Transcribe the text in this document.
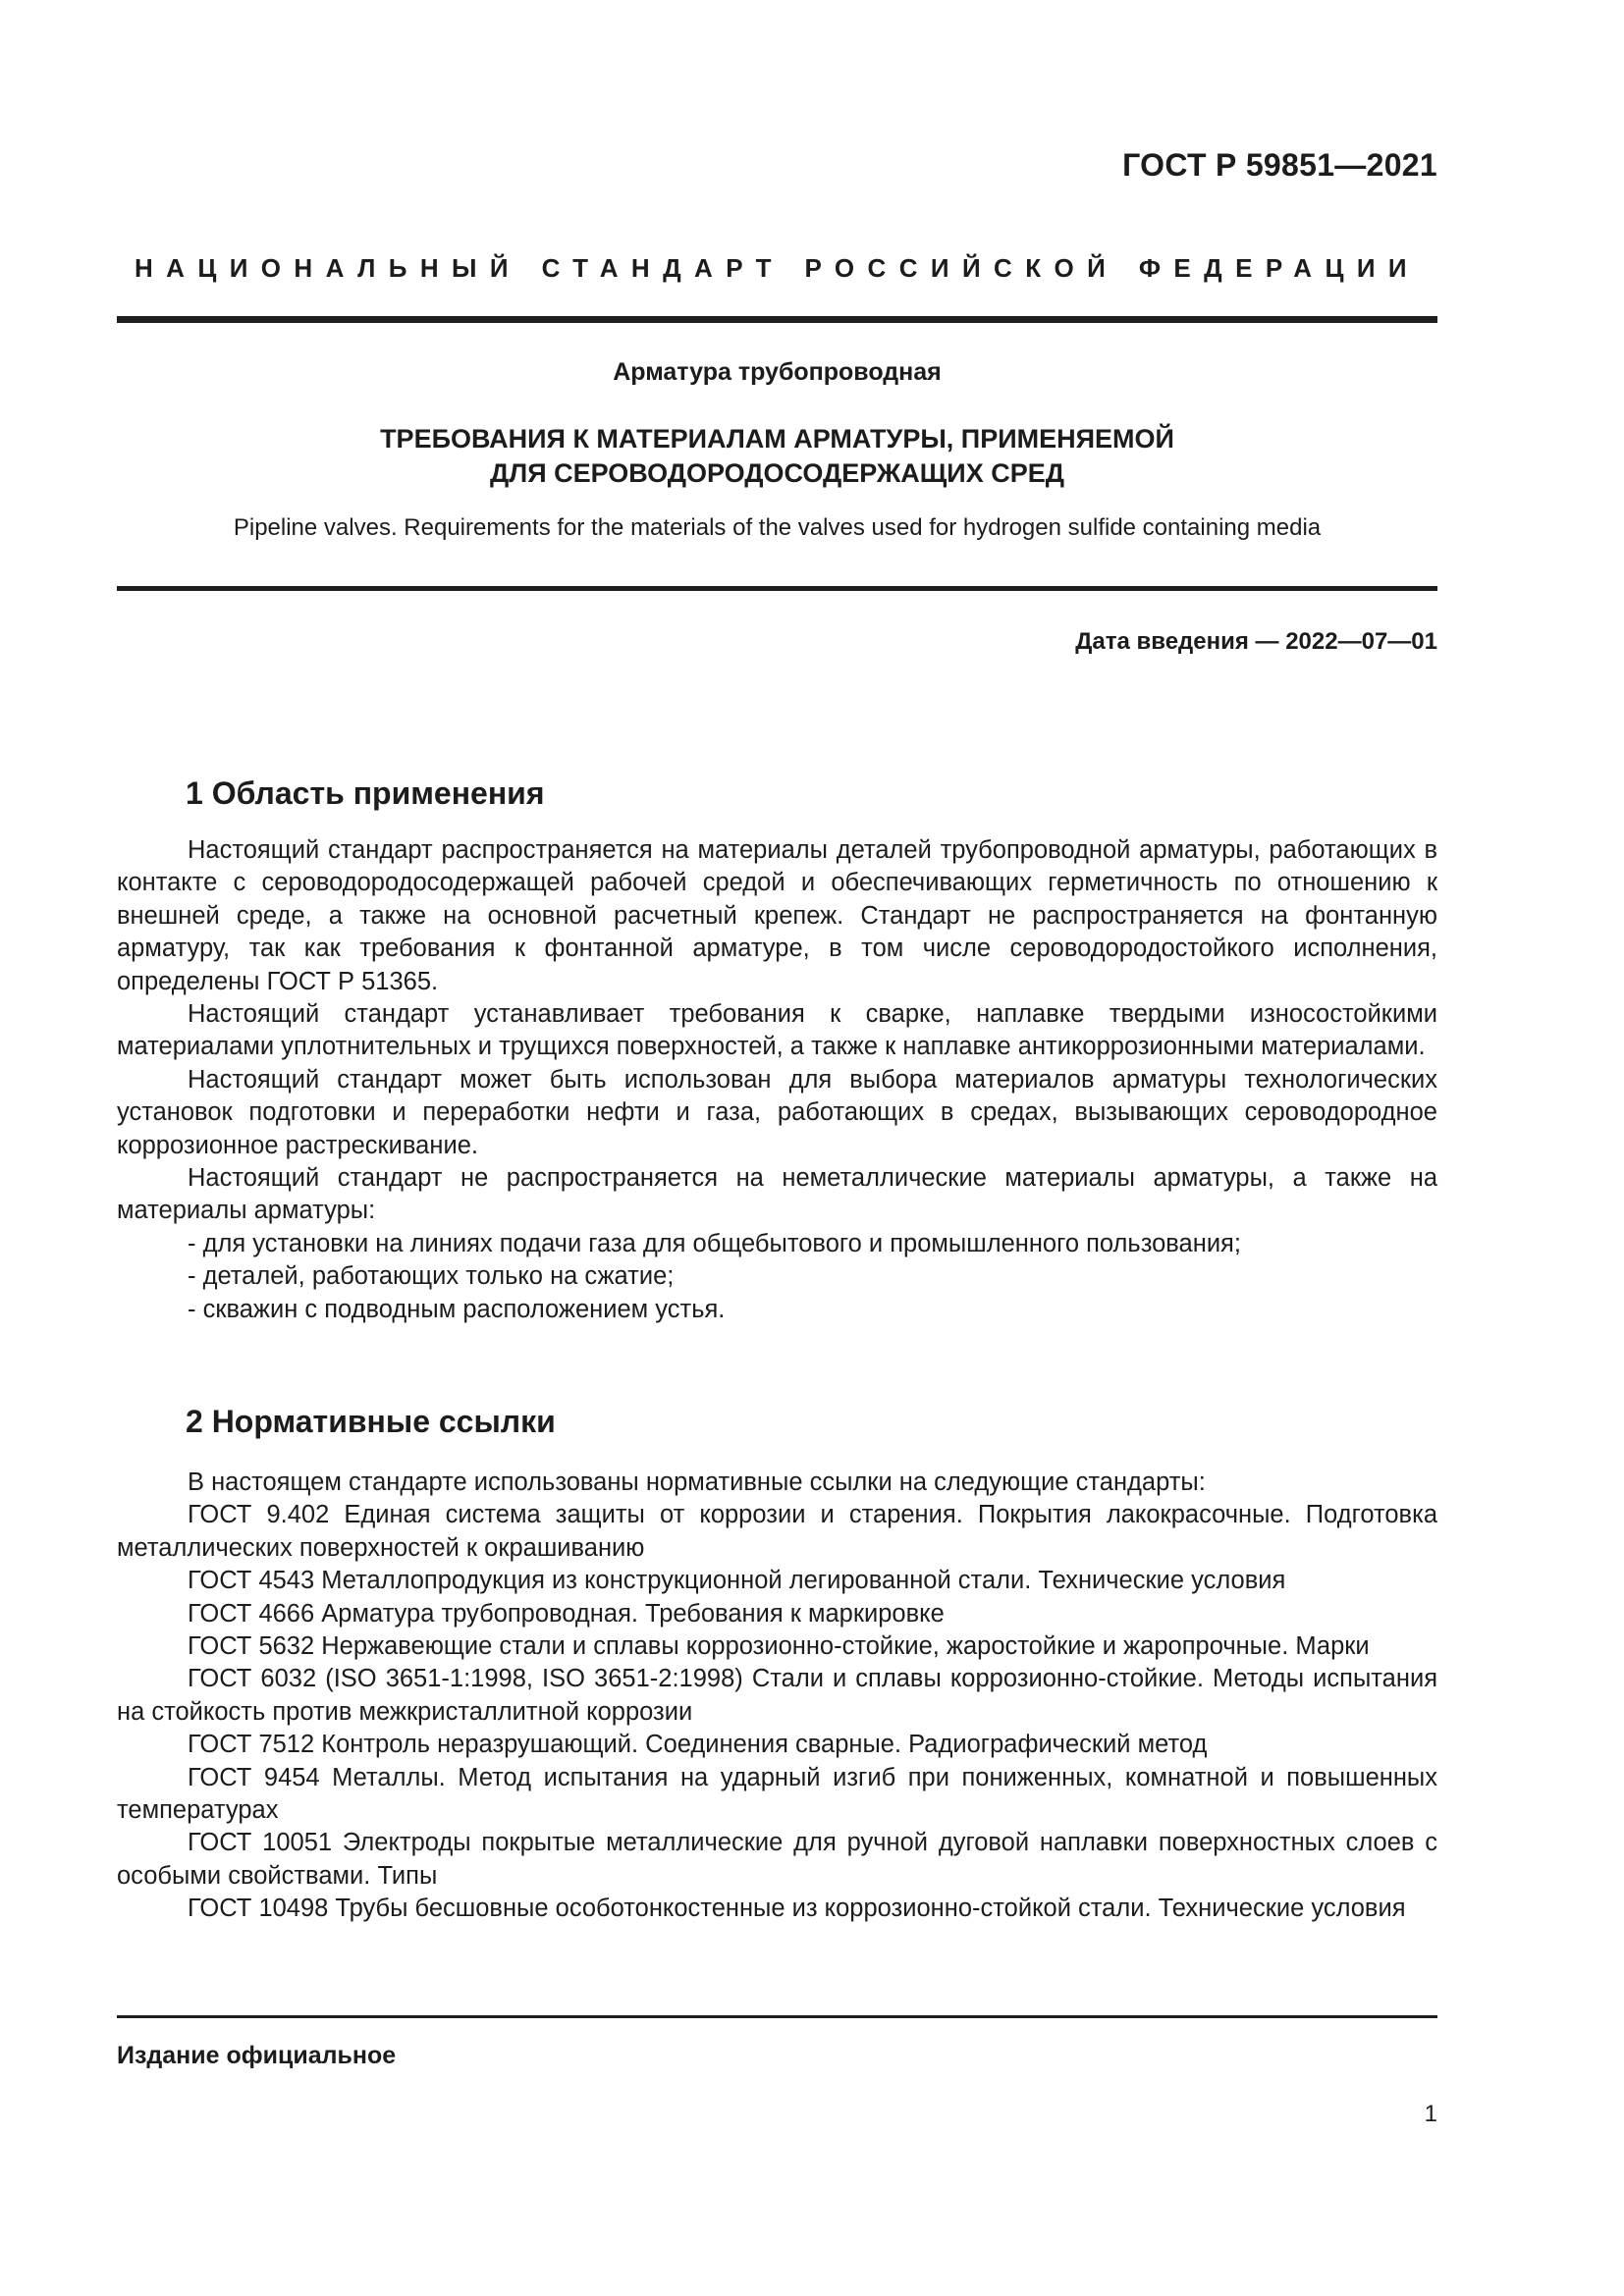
ГОСТ Р 59851—2021
НАЦИОНАЛЬНЫЙ СТАНДАРТ РОССИЙСКОЙ ФЕДЕРАЦИИ
Арматура трубопроводная
ТРЕБОВАНИЯ К МАТЕРИАЛАМ АРМАТУРЫ, ПРИМЕНЯЕМОЙ
ДЛЯ СЕРОВОДОРОДОСОДЕРЖАЩИХ СРЕД
Pipeline valves. Requirements for the materials of the valves used for hydrogen sulfide containing media
Дата введения — 2022—07—01
1 Область применения

Настоящий стандарт распространяется на материалы деталей трубопроводной арматуры, работающих в контакте с сероводородосодержащей рабочей средой и обеспечивающих герметичность по отношению к внешней среде, а также на основной расчетный крепеж. Стандарт не распространяется на фонтанную арматуру, так как требования к фонтанной арматуре, в том числе сероводородостойкого исполнения, определены ГОСТ Р 51365.

Настоящий стандарт устанавливает требования к сварке, наплавке твердыми износостойкими материалами уплотнительных и трущихся поверхностей, а также к наплавке антикоррозионными материалами.

Настоящий стандарт может быть использован для выбора материалов арматуры технологических установок подготовки и переработки нефти и газа, работающих в средах, вызывающих сероводородное коррозионное растрескивание.

Настоящий стандарт не распространяется на неметаллические материалы арматуры, а также на материалы арматуры:

- для установки на линиях подачи газа для общебытового и промышленного пользования;

- деталей, работающих только на сжатие;

- скважин с подводным расположением устья.

2 Нормативные ссылки

В настоящем стандарте использованы нормативные ссылки на следующие стандарты:

ГОСТ 9.402 Единая система защиты от коррозии и старения. Покрытия лакокрасочные. Подготовка металлических поверхностей к окрашиванию

ГОСТ 4543 Металлопродукция из конструкционной легированной стали. Технические условия

ГОСТ 4666 Арматура трубопроводная. Требования к маркировке

ГОСТ 5632 Нержавеющие стали и сплавы коррозионно-стойкие, жаростойкие и жаропрочные. Марки

ГОСТ 6032 (ISO 3651-1:1998, ISO 3651-2:1998) Стали и сплавы коррозионно-стойкие. Методы испытания на стойкость против межкристаллитной коррозии

ГОСТ 7512 Контроль неразрушающий. Соединения сварные. Радиографический метод

ГОСТ 9454 Металлы. Метод испытания на ударный изгиб при пониженных, комнатной и повышенных температурах

ГОСТ 10051 Электроды покрытые металлические для ручной дуговой наплавки поверхностных слоев с особыми свойствами. Типы

ГОСТ 10498 Трубы бесшовные особотонкостенные из коррозионно-стойкой стали. Технические условия

Издание официальное
1
